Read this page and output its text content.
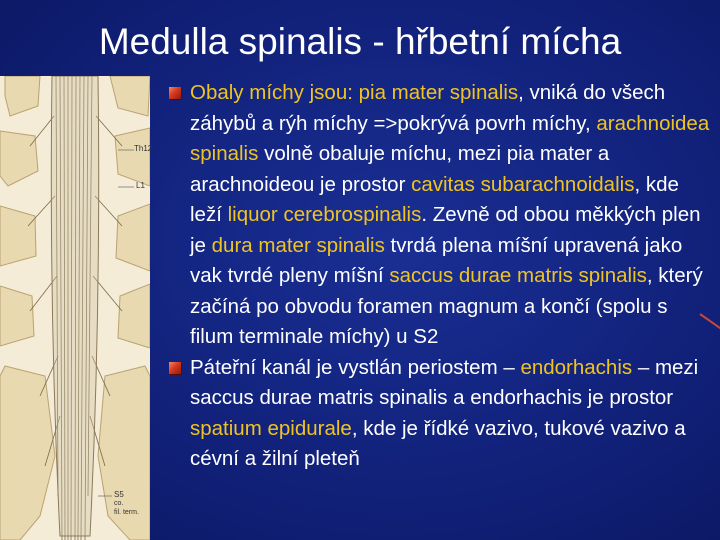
Medulla spinalis - hřbetní mícha
Th12
L1
S5
co.
fil. term.
Obaly míchy jsou: pia mater spinalis, vniká do všech záhybů a rýh míchy =>pokrývá povrh míchy, arachnoidea spinalis volně obaluje míchu, mezi pia mater a arachnoideou je prostor cavitas subarachnoidalis, kde leží liquor cerebrospinalis. Zevně od obou měkkých plen je dura mater spinalis tvrdá plena míšní upravená jako vak tvrdé pleny míšní saccus durae matris spinalis, který začíná po obvodu foramen magnum a končí (spolu s filum terminale míchy) u S2
Páteřní kanál je vystlán periostem – endorhachis – mezi saccus durae matris spinalis a endorhachis je prostor spatium epidurale, kde je řídké vazivo, tukové vazivo a cévní a žilní pleteň
